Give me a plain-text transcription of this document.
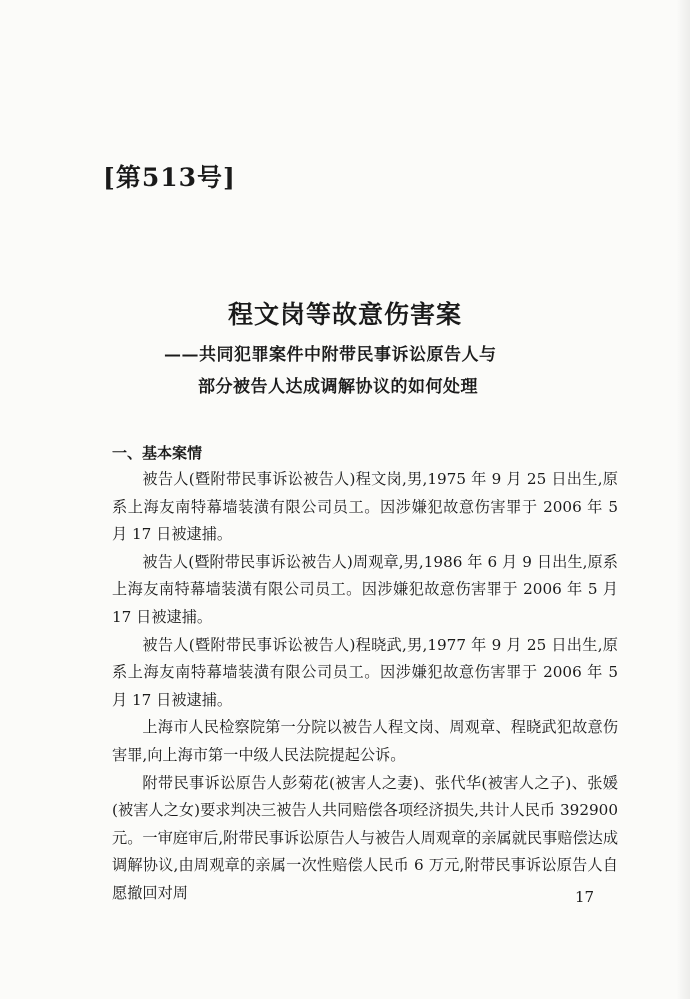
[第513号]
程文岗等故意伤害案
——共同犯罪案件中附带民事诉讼原告人与
部分被告人达成调解协议的如何处理
一、基本案情

被告人(暨附带民事诉讼被告人)程文岗,男,1975 年 9 月 25 日出生,原系上海友南特幕墙装潢有限公司员工。因涉嫌犯故意伤害罪于 2006 年 5 月 17 日被逮捕。

被告人(暨附带民事诉讼被告人)周观章,男,1986 年 6 月 9 日出生,原系上海友南特幕墙装潢有限公司员工。因涉嫌犯故意伤害罪于 2006 年 5 月 17 日被逮捕。

被告人(暨附带民事诉讼被告人)程晓武,男,1977 年 9 月 25 日出生,原系上海友南特幕墙装潢有限公司员工。因涉嫌犯故意伤害罪于 2006 年 5 月 17 日被逮捕。

上海市人民检察院第一分院以被告人程文岗、周观章、程晓武犯故意伤害罪,向上海市第一中级人民法院提起公诉。

附带民事诉讼原告人彭菊花(被害人之妻)、张代华(被害人之子)、张媛(被害人之女)要求判决三被告人共同赔偿各项经济损失,共计人民币 392900 元。一审庭审后,附带民事诉讼原告人与被告人周观章的亲属就民事赔偿达成调解协议,由周观章的亲属一次性赔偿人民币 6 万元,附带民事诉讼原告人自愿撤回对周	17
